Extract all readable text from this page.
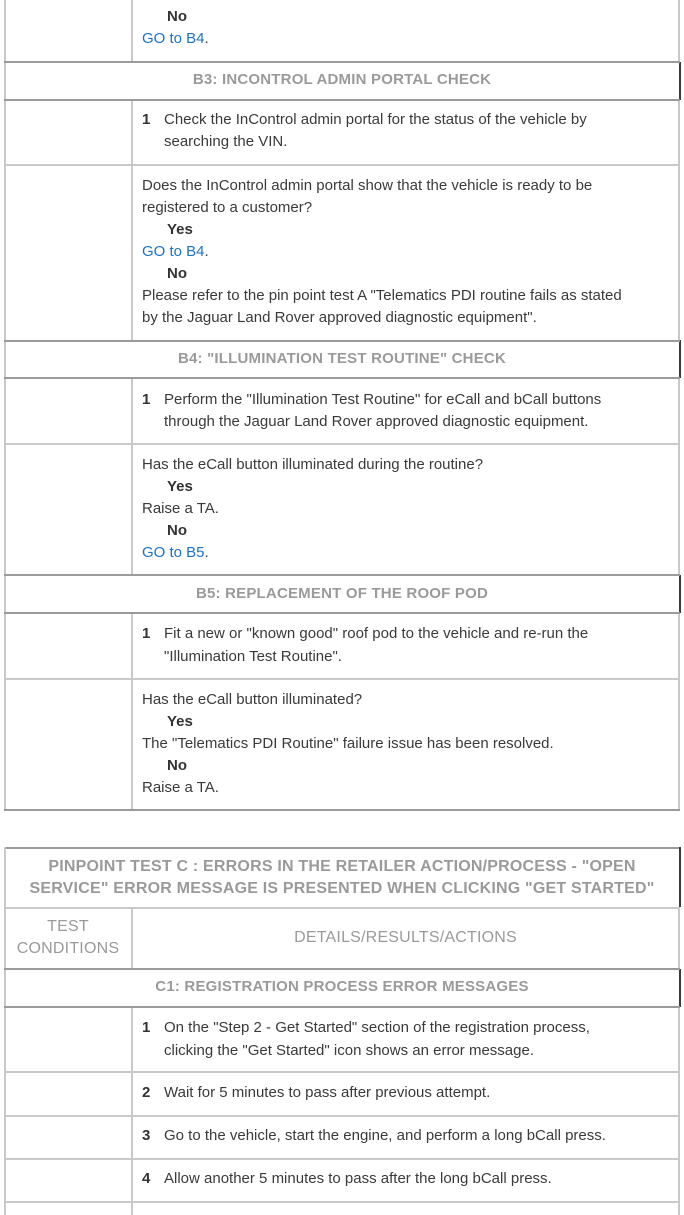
No
GO to B4.
B3: INCONTROL ADMIN PORTAL CHECK
1 Check the InControl admin portal for the status of the vehicle by
searching the VIN.
Does the InControl admin portal show that the vehicle is ready to be
registered to a customer?
Yes
GO to B4.
No
Please refer to the pin point test A "Telematics PDI routine fails as stated
by the Jaguar Land Rover approved diagnostic equipment".
B4: "ILLUMINATION TEST ROUTINE" CHECK
1 Perform the "Illumination Test Routine" for eCall and bCall buttons
through the Jaguar Land Rover approved diagnostic equipment.
Has the eCall button illuminated during the routine?
Yes
Raise a TA.
No
GO to B5.
B5: REPLACEMENT OF THE ROOF POD
1 Fit a new or "known good" roof pod to the vehicle and re-run the
"Illumination Test Routine".
Has the eCall button illuminated?
Yes
The "Telematics PDI Routine" failure issue has been resolved.
No
Raise a TA.
PINPOINT TEST C : ERRORS IN THE RETAILER ACTION/PROCESS - "OPEN
SERVICE" ERROR MESSAGE IS PRESENTED WHEN CLICKING "GET STARTED"
TEST
CONDITIONS
DETAILS/RESULTS/ACTIONS
C1: REGISTRATION PROCESS ERROR MESSAGES
1 On the "Step 2 - Get Started" section of the registration process,
clicking the "Get Started" icon shows an error message.
2 Wait for 5 minutes to pass after previous attempt.
3 Go to the vehicle, start the engine, and perform a long bCall press.
4 Allow another 5 minutes to pass after the long bCall press.
